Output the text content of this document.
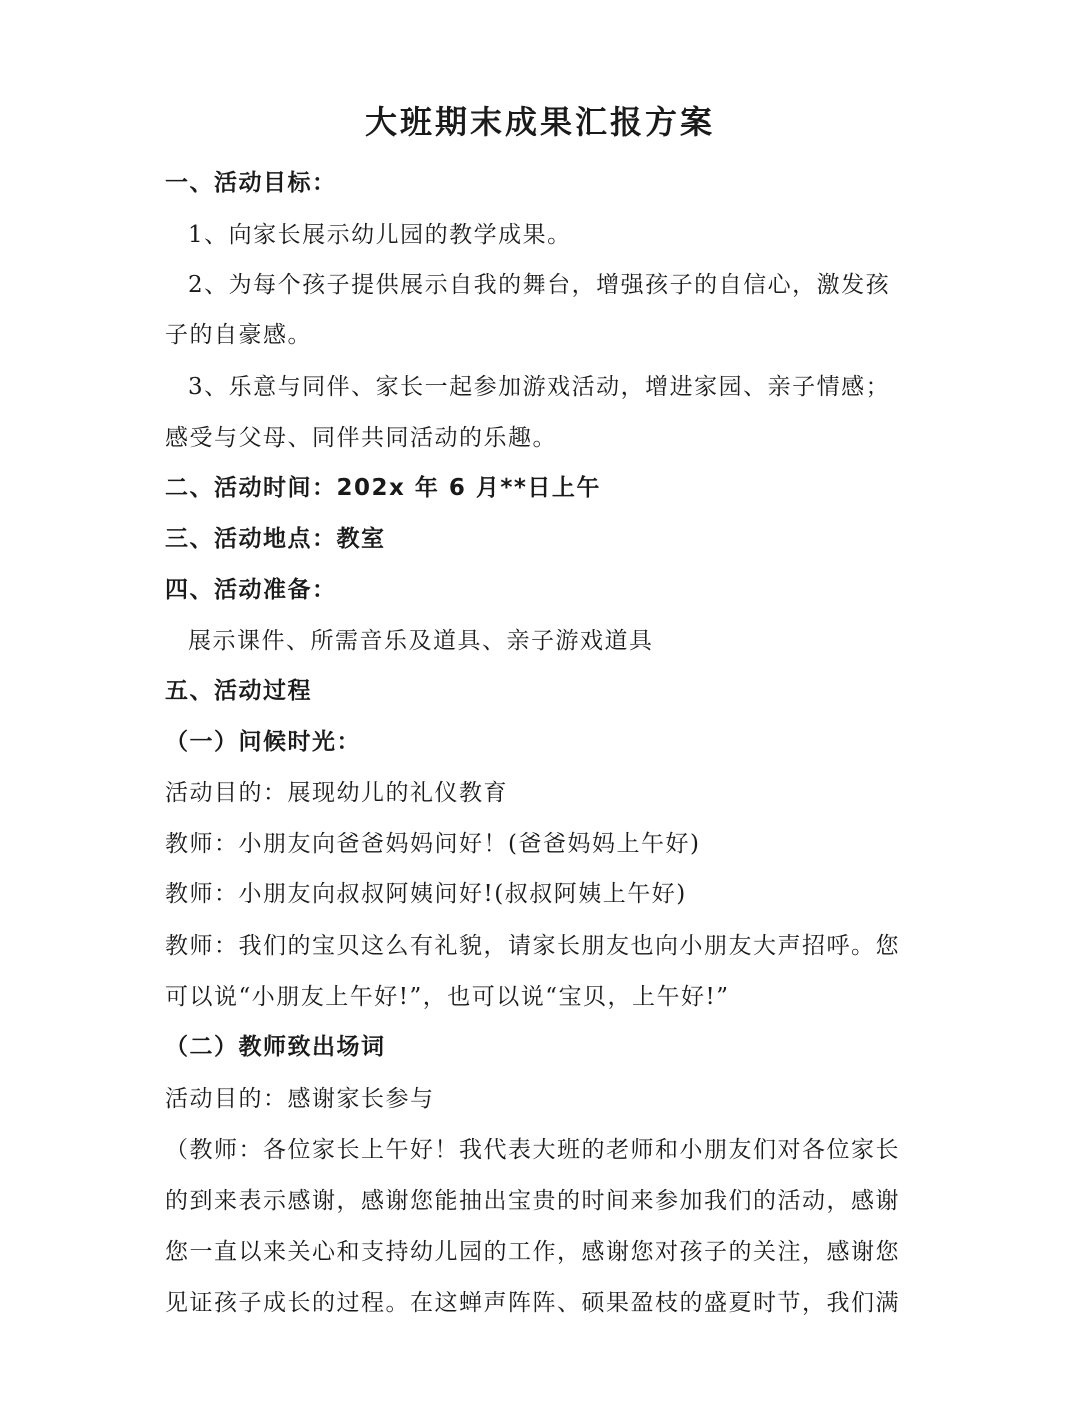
大班期末成果汇报方案
一、活动目标：
1、向家长展示幼儿园的教学成果。
2、为每个孩子提供展示自我的舞台，增强孩子的自信心，激发孩
子的自豪感。
3、乐意与同伴、家长一起参加游戏活动，增进家园、亲子情感；
感受与父母、同伴共同活动的乐趣。
二、活动时间：202x 年 6 月**日上午
三、活动地点：教室
四、活动准备：
展示课件、所需音乐及道具、亲子游戏道具
五、活动过程
（一）问候时光：
活动目的：展现幼儿的礼仪教育
教师：小朋友向爸爸妈妈问好！(爸爸妈妈上午好)
教师：小朋友向叔叔阿姨问好!(叔叔阿姨上午好)
教师：我们的宝贝这么有礼貌，请家长朋友也向小朋友大声招呼。您
可以说“小朋友上午好!”，也可以说“宝贝，上午好!”
（二）教师致出场词
活动目的：感谢家长参与
（教师：各位家长上午好！我代表大班的老师和小朋友们对各位家长
的到来表示感谢，感谢您能抽出宝贵的时间来参加我们的活动，感谢
您一直以来关心和支持幼儿园的工作，感谢您对孩子的关注，感谢您
见证孩子成长的过程。在这蝉声阵阵、硕果盈枝的盛夏时节，我们满
